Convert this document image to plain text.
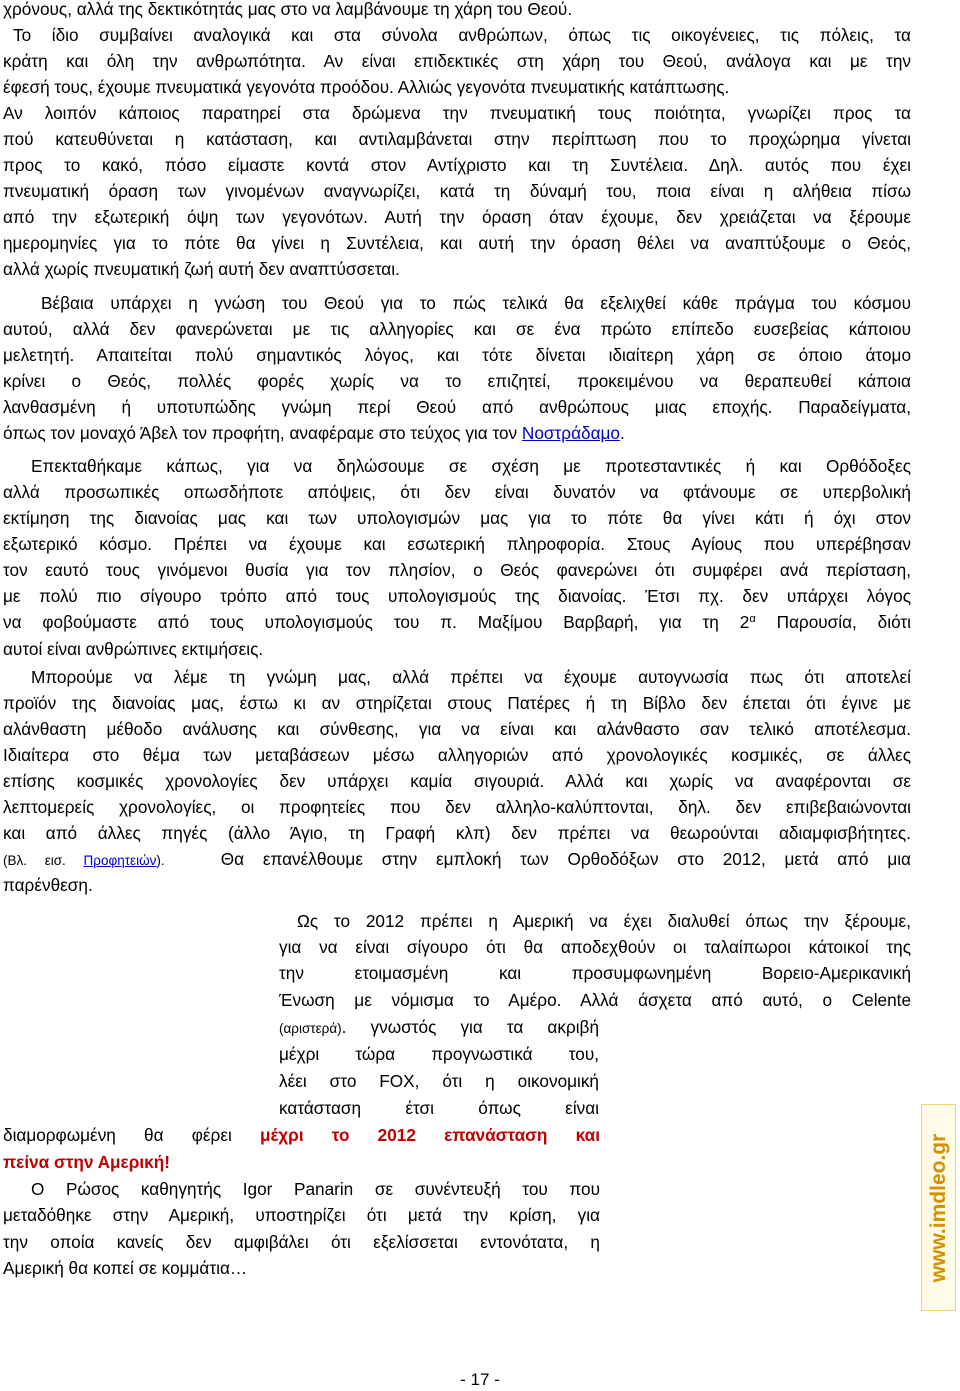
χρόνους, αλλά της δεκτικότητάς μας στο να λαμβάνουμε τη χάρη του Θεού.
Το ίδιο συμβαίνει αναλογικά και στα σύνολα ανθρώπων, όπως τις οικογένειες, τις πόλεις, τα
κράτη και όλη την ανθρωπότητα. Αν είναι επιδεκτικές στη χάρη του Θεού, ανάλογα και με την
έφεσή τους, έχουμε πνευματικά γεγονότα προόδου. Αλλιώς γεγονότα πνευματικής κατάπτωσης.
Αν λοιπόν κάποιος παρατηρεί στα δρώμενα την πνευματική τους ποιότητα, γνωρίζει προς τα
πού κατευθύνεται η κατάσταση, και αντιλαμβάνεται στην περίπτωση που το προχώρημα γίνεται
προς το κακό, πόσο είμαστε κοντά στον Αντίχριστο και τη Συντέλεια. Δηλ. αυτός που έχει
πνευματική όραση των γινομένων αναγνωρίζει, κατά τη δύναμή του, ποια είναι η αλήθεια πίσω
από την εξωτερική όψη των γεγονότων. Αυτή την όραση όταν έχουμε, δεν χρειάζεται να ξέρουμε
ημερομηνίες για το πότε θα γίνει η Συντέλεια, και αυτή την όραση θέλει να αναπτύξουμε ο Θεός,
αλλά χωρίς πνευματική ζωή αυτή δεν αναπτύσσεται.
Βέβαια υπάρχει η γνώση του Θεού για το πώς τελικά θα εξελιχθεί κάθε πράγμα του κόσμου
αυτού, αλλά δεν φανερώνεται με τις αλληγορίες και σε ένα πρώτο επίπεδο ευσεβείας κάποιου
μελετητή. Απαιτείται πολύ σημαντικός λόγος, και τότε δίνεται ιδιαίτερη χάρη σε όποιο άτομο
κρίνει ο Θεός, πολλές φορές χωρίς να το επιζητεί, προκειμένου να θεραπευθεί κάποια
λανθασμένη ή υποτυπώδης γνώμη περί Θεού από ανθρώπους μιας εποχής. Παραδείγματα,
όπως τον μοναχό Άβελ τον προφήτη, αναφέραμε στο τεύχος για τον Νοστράδαμο.
Επεκταθήκαμε κάπως, για να δηλώσουμε σε σχέση με προτεσταντικές ή και Ορθόδοξες
αλλά προσωπικές οπωσδήποτε απόψεις, ότι δεν είναι δυνατόν να φτάνουμε σε υπερβολική
εκτίμηση της διανοίας μας και των υπολογισμών μας για το πότε θα γίνει κάτι ή όχι στον
εξωτερικό κόσμο. Πρέπει να έχουμε και εσωτερική πληροφορία. Στους Αγίους που υπερέβησαν
τον εαυτό τους γινόμενοι θυσία για τον πλησίον, ο Θεός φανερώνει ότι συμφέρει ανά περίσταση,
με πολύ πιο σίγουρο τρόπο από τους υπολογισμούς της διανοίας. Έτσι πχ. δεν υπάρχει λόγος
να φοβούμαστε από τους υπολογισμούς του π. Μαξίμου Βαρβαρή, για τη $2^\alpha$ Παρουσία, διότι
αυτοί είναι ανθρώπινες εκτιμήσεις.
Μπορούμε να λέμε τη γνώμη μας, αλλά πρέπει να έχουμε αυτογνωσία πως ότι αποτελεί
προϊόν της διανοίας μας, έστω κι αν στηρίζεται στους Πατέρες ή τη Βίβλο δεν έπεται ότι έγινε με
αλάνθαστη μέθοδο ανάλυσης και σύνθεσης, για να είναι και αλάνθαστο σαν τελικό αποτέλεσμα.
Ιδιαίτερα στο θέμα των μεταβάσεων μέσω αλληγοριών από χρονολογικές κοσμικές, σε άλλες
επίσης κοσμικές χρονολογίες δεν υπάρχει καμία σιγουριά. Αλλά και χωρίς να αναφέρονται σε
λεπτομερείς χρονολογίες, οι προφητείες που δεν αλληλο-καλύπτονται, δηλ. δεν επιβεβαιώνονται
και από άλλες πηγές (άλλο Άγιο, τη Γραφή κλπ) δεν πρέπει να θεωρούνται αδιαμφισβήτητες.
(Βλ. εισ. Προφητειών).	Θα επανέλθουμε στην εμπλοκή των Ορθοδόξων στο 2012, μετά από μια
παρένθεση.
Ως το 2012 πρέπει η Αμερική να έχει διαλυθεί όπως την ξέρουμε,
για να είναι σίγουρο ότι θα αποδεχθούν οι ταλαίπωροι κάτοικοί της
την ετοιμασμένη και προσυμφωνημένη Βορειο-Αμερικανική
Ένωση με νόμισμα το Αμέρο. Αλλά άσχετα από αυτό, ο Celente
(αριστερά). γνωστός για τα ακριβή
μέχρι τώρα προγνωστικά του,
λέει στο FOX, ότι η οικονομική
κατάσταση έτσι όπως είναι
διαμορφωμένη θα φέρει μέχρι το 2012 επανάσταση και
πείνα στην Αμερική!
Ο Ρώσος καθηγητής Igor Panarin σε συνέντευξή του που
μεταδόθηκε στην Αμερική, υποστηρίζει ότι μετά την κρίση, για
την οποία κανείς δεν αμφιβάλει ότι εξελίσσεται εντονότατα, η
Αμερική θα κοπεί σε κομμάτια…	www.imdleo.gr
- 17 -
